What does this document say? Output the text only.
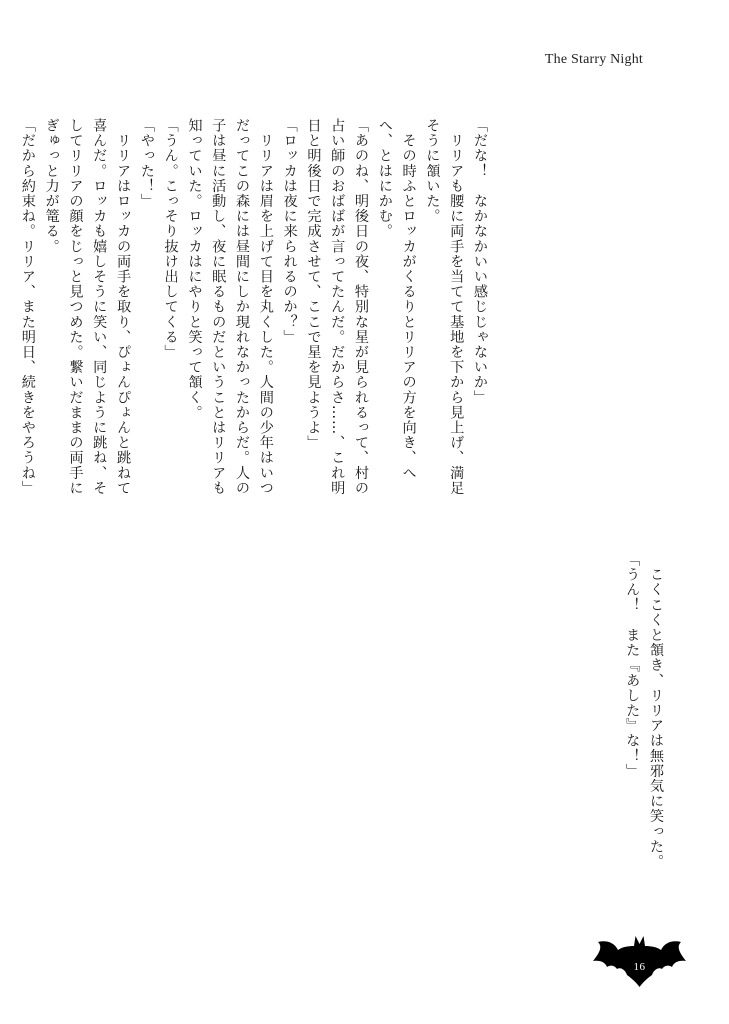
The Starry Night
「だな！　なかなかいい感じじゃないか」
　リリアも腰に両手を当てて基地を下から見上げ、満足
そうに頷いた。
　その時ふとロッカがくるりとリリアの方を向き、へ
へ、とはにかむ。
「あのね、明後日の夜、特別な星が見られるって、村の
占い師のおばばが言ってたんだ。だからさ……、これ明
日と明後日で完成させて、ここで星を見ようよ」
「ロッカは夜に来られるのか？」
　リリアは眉を上げて目を丸くした。人間の少年はいつ
だってこの森には昼間にしか現れなかったからだ。人の
子は昼に活動し、夜に眠るものだということはリリアも
知っていた。ロッカはにやりと笑って頷く。
「うん。こっそり抜け出してくる」
「やった！」
　リリアはロッカの両手を取り、ぴょんぴょんと跳ねて
喜んだ。ロッカも嬉しそうに笑い、同じように跳ね、そ
してリリアの顔をじっと見つめた。繋いだままの両手に
ぎゅっと力が篭る。
「だから約束ね。リリア、また明日、続きをやろうね」
　こくこくと頷き、リリアは無邪気に笑った。
「うん！　また『あした』な！」
16
